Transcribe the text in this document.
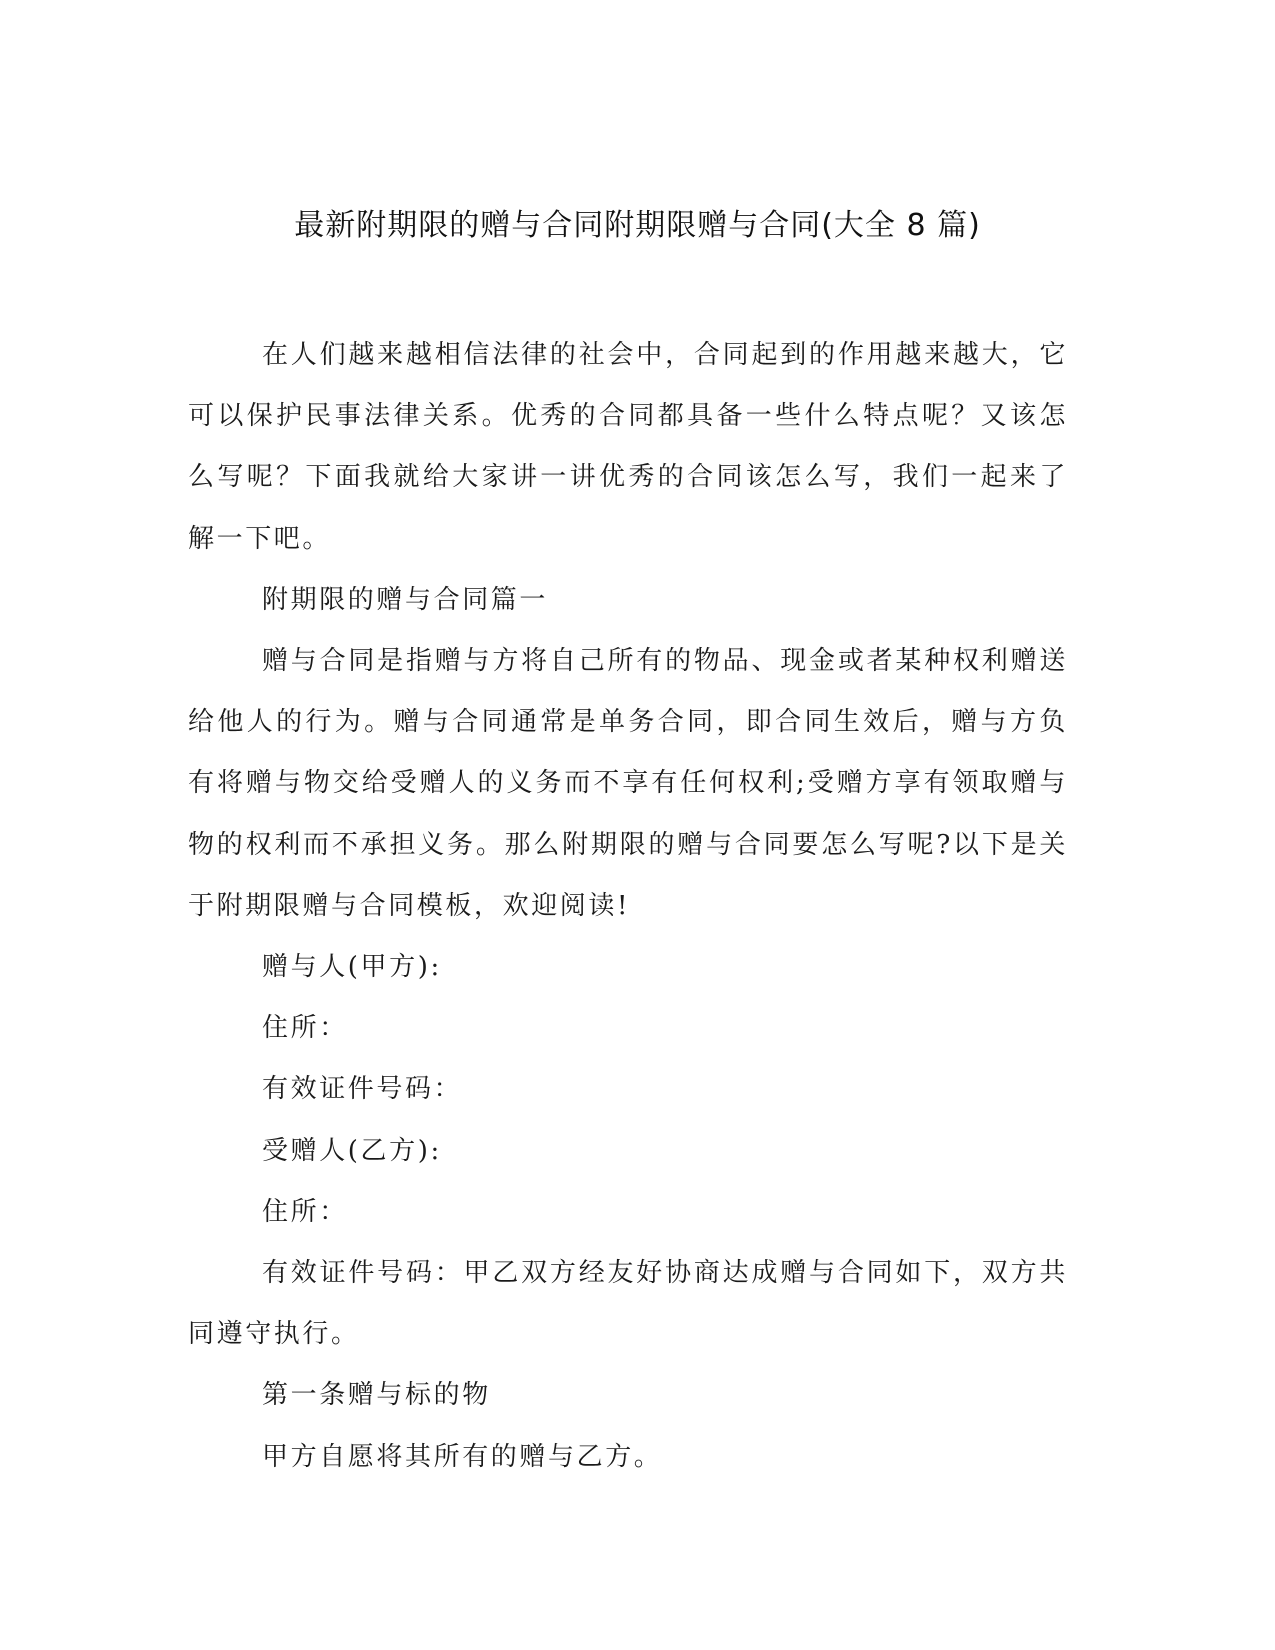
最新附期限的赠与合同附期限赠与合同(大全 8 篇)

在人们越来越相信法律的社会中，合同起到的作用越来越大，它可以保护民事法律关系。优秀的合同都具备一些什么特点呢？又该怎么写呢？下面我就给大家讲一讲优秀的合同该怎么写，我们一起来了解一下吧。

附期限的赠与合同篇一

赠与合同是指赠与方将自己所有的物品、现金或者某种权利赠送给他人的行为。赠与合同通常是单务合同，即合同生效后，赠与方负有将赠与物交给受赠人的义务而不享有任何权利;受赠方享有领取赠与物的权利而不承担义务。那么附期限的赠与合同要怎么写呢?以下是关于附期限赠与合同模板，欢迎阅读!

赠与人(甲方):

住所：

有效证件号码：

受赠人(乙方):

住所：

有效证件号码：甲乙双方经友好协商达成赠与合同如下，双方共同遵守执行。

第一条赠与标的物

甲方自愿将其所有的赠与乙方。
